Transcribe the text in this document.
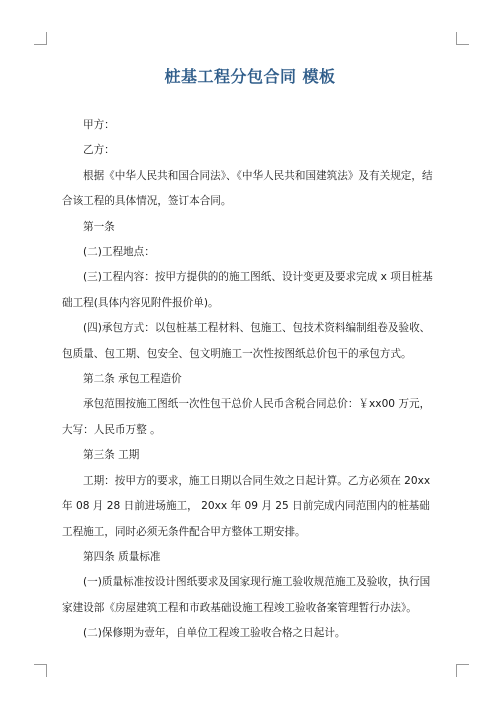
桩基工程分包合同 模板

甲方：

乙方：

根据《中华人民共和国合同法》、《中华人民共和国建筑法》及有关规定，结合该工程的具体情况，签订本合同。

第一条

(二)工程地点：

(三)工程内容：按甲方提供的的施工图纸、设计变更及要求完成 x 项目桩基础工程(具体内容见附件报价单)。

(四)承包方式：以包桩基工程材料、包施工、包技术资料编制组卷及验收、包质量、包工期、包安全、包文明施工一次性按图纸总价包干的承包方式。

第二条 承包工程造价

承包范围按施工图纸一次性包干总价人民币含税合同总价：￥xx00 万元，大写：人民币万整 。

第三条 工期

工期：按甲方的要求，施工日期以合同生效之日起计算。乙方必须在 20xx 年 08 月 28 日前进场施工， 20xx 年 09 月 25 日前完成内同范围内的桩基础工程施工，同时必须无条件配合甲方整体工期安排。

第四条 质量标准

(一)质量标准按设计图纸要求及国家现行施工验收规范施工及验收，执行国家建设部《房屋建筑工程和市政基础设施工程竣工验收备案管理暂行办法》。

(二)保修期为壹年，自单位工程竣工验收合格之日起计。
